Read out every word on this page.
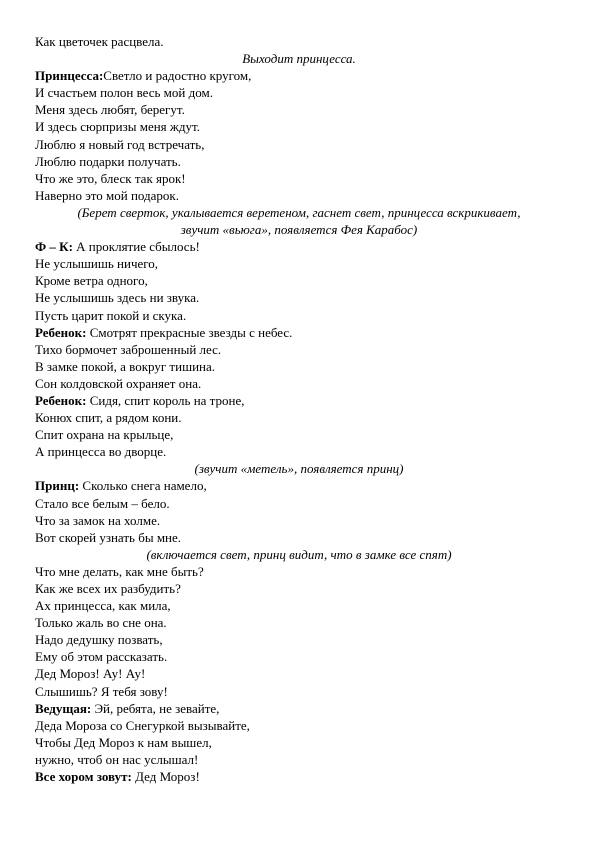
Как цветочек расцвела.
Выходит принцесса.
Принцесса:Светло и радостно кругом,
И счастьем полон весь мой дом.
Меня здесь любят, берегут.
И здесь сюрпризы меня ждут.
Люблю я новый год встречать,
Люблю подарки получать.
Что же это, блеск так ярок!
Наверно это мой подарок.
(Берет сверток, укалывается веретеном, гаснет свет, принцесса вскрикивает,
звучит «вьюга», появляется Фея Карабос)
Ф – К: А проклятие сбылось!
Не услышишь ничего,
Кроме ветра одного,
Не услышишь здесь ни звука.
Пусть царит покой и скука.
Ребенок: Смотрят прекрасные звезды с небес.
Тихо бормочет заброшенный лес.
В замке покой, а вокруг тишина.
Сон колдовской охраняет она.
Ребенок: Сидя, спит король на троне,
Конюх спит, а рядом кони.
Спит охрана на крыльце,
А принцесса во дворце.
(звучит «метель», появляется принц)
Принц: Сколько снега намело,
Стало все белым – бело.
Что за замок на холме.
Вот скорей узнать бы мне.
(включается свет, принц видит, что в замке все спят)
Что мне делать, как мне быть?
Как же всех их разбудить?
Ах принцесса, как мила,
Только жаль во сне она.
Надо дедушку позвать,
Ему об этом рассказать.
Дед Мороз! Ау! Ау!
Слышишь? Я тебя зову!
Ведущая: Эй, ребята, не зевайте,
Деда Мороза со Снегуркой вызывайте,
Чтобы Дед Мороз к нам вышел,
нужно, чтоб он нас услышал!
Все хором зовут: Дед Мороз!
